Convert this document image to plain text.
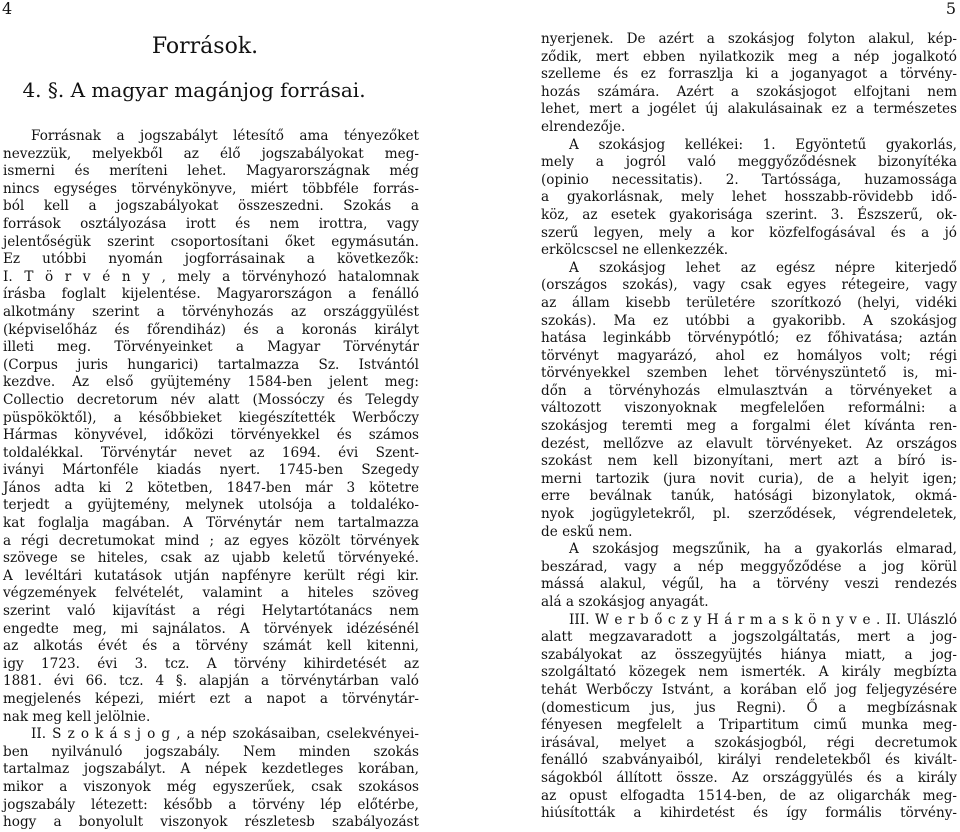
4	5
Források.
4. §. A magyar magánjog forrásai.
Forrásnak a jogszabályt létesítő ama tényezőket
nevezzük, melyekből az élő jogszabályokat meg-
ismerni és meríteni lehet. Magyarországnak még
nincs egységes törvénykönyve, miért többféle forrás-
ból kell a jogszabályokat összeszedni. Szokás a
források osztályozása irott és nem irottra, vagy
jelentőségük szerint csoportosítani őket egymásután.
Ez utóbbi nyomán jogforrásainak a következők:
I. T ö r v é n y , mely a törvényhozó hatalomnak
írásba foglalt kijelentése. Magyarországon a fenálló
alkotmány szerint a törvényhozás az országgyülést
(képviselőház és főrendiház) és a koronás királyt
illeti meg. Törvényeinket a Magyar Törvénytár
(Corpus juris hungarici) tartalmazza Sz. Istvántól
kezdve. Az első gyüjtemény 1584-ben jelent meg:
Collectio decretorum név alatt (Mossóczy és Telegdy
püspököktől), a későbbieket kiegészítették Werbőczy
Hármas könyvével, időközi törvényekkel és számos
toldalékkal. Törvénytár nevet az 1694. évi Szent-
iványi Mártonféle kiadás nyert. 1745-ben Szegedy
János adta ki 2 kötetben, 1847-ben már 3 kötetre
terjedt a gyüjtemény, melynek utolsója a toldaléko-
kat foglalja magában. A Törvénytár nem tartalmazza
a régi decretumokat mind ; az egyes közölt törvények
szövege se hiteles, csak az ujabb keletű törvényeké.
A levéltári kutatások utján napfényre került régi kir.
végzemények felvételét, valamint a hiteles szöveg
szerint való kijavítást a régi Helytartótanács nem
engedte meg, mi sajnálatos. A törvények idézésénél
az alkotás évét és a törvény számát kell kitenni,
igy 1723. évi 3. tcz. A törvény kihirdetését az
1881. évi 66. tcz. 4 §. alapján a törvénytárban való
megjelenés képezi, miért ezt a napot a törvénytár-
nak meg kell jelölnie.
II. S z o k á s j o g , a nép szokásaiban, cselekvényei-
ben nyilvánuló jogszabály. Nem minden szokás
tartalmaz jogszabályt. A népek kezdetleges korában,
mikor a viszonyok még egyszerűek, csak szokásos
jogszabály létezett: később a törvény lép előtérbe,
hogy a bonyolult viszonyok részletesb szabályozást
nyerjenek. De azért a szokásjog folyton alakul, kép-
ződik, mert ebben nyilatkozik meg a nép jogalkotó
szelleme és ez forraszlja ki a joganyagot a törvény-
hozás számára. Azért a szokásjogot elfojtani nem
lehet, mert a jogélet új alakulásainak ez a természetes
elrendezője.
A szokásjog kellékei: 1. Egyöntetű gyakorlás,
mely a jogról való meggyőződésnek bizonyítéka
(opinio necessitatis). 2. Tartóssága, huzamossága
a gyakorlásnak, mely lehet hosszabb-rövidebb idő-
köz, az esetek gyakorisága szerint. 3. Észszerű, ok-
szerű legyen, mely a kor közfelfogásával és a jó
erkölcscsel ne ellenkezzék.
A szokásjog lehet az egész népre kiterjedő
(országos szokás), vagy csak egyes rétegeire, vagy
az állam kisebb területére szorítkozó (helyi, vidéki
szokás). Ma ez utóbbi a gyakoribb. A szokásjog
hatása leginkább törvénypótló; ez főhivatása; aztán
törvényt magyarázó, ahol ez homályos volt; régi
törvényekkel szemben lehet törvényszüntető is, mi-
dőn a törvényhozás elmulasztván a törvényeket a
változott viszonyoknak megfelelően reformálni: a
szokásjog teremti meg a forgalmi élet kívánta ren-
dezést, mellőzve az elavult törvényeket. Az országos
szokást nem kell bizonyítani, mert azt a bíró is-
merni tartozik (jura novit curia), de a helyit igen;
erre beválnak tanúk, hatósági bizonylatok, okmá-
nyok jogügyletekről, pl. szerződések, végrendeletek,
de eskű nem.
A szokásjog megszűnik, ha a gyakorlás elmarad,
beszárad, vagy a nép meggyőződése a jog körül
mássá alakul, végűl, ha a törvény veszi rendezés
alá a szokásjog anyagát.
III. W e r b ő c z y H á r m a s k ö n y v e . II. Ulászló
alatt megzavaradott a jogszolgáltatás, mert a jog-
szabályokat az összegyüjtés hiánya miatt, a jog-
szolgáltató közegek nem ismerték. A király megbízta
tehát Werbőczy Istvánt, a korában elő jog feljegyzésére
(domesticum jus, jus Regni). Ő a megbízásnak
fényesen megfelelt a Tripartitum cimű munka meg-
irásával, melyet a szokásjogból, régi decretumok
fenálló szabványaiból, királyi rendeletekből és kivált-
ságokból állított össze. Az országgyülés és a király
az opust elfogadta 1514-ben, de az oligarchák meg-
hiúsították a kihirdetést és így formális törvény-
